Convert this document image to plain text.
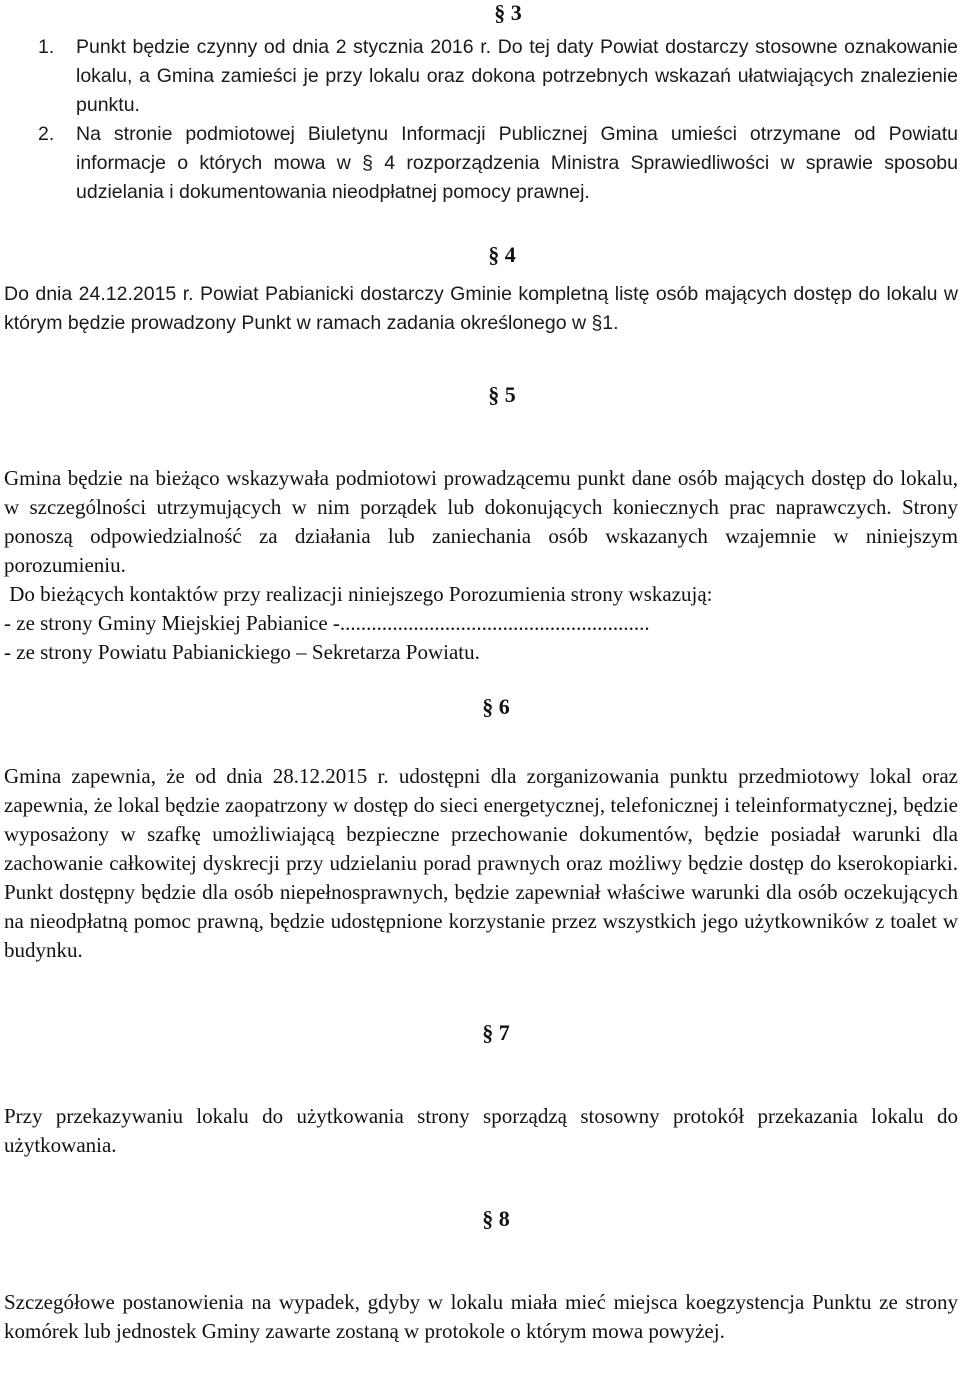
§ 3
1. Punkt będzie czynny od dnia 2 stycznia 2016 r. Do tej daty Powiat dostarczy stosowne oznakowanie lokalu, a Gmina zamieści je przy lokalu oraz dokona potrzebnych wskazań ułatwiających znalezienie punktu.
2. Na stronie podmiotowej Biuletynu Informacji Publicznej Gmina umieści otrzymane od Powiatu informacje o których mowa w § 4 rozporządzenia Ministra Sprawiedliwości w sprawie sposobu udzielania i dokumentowania nieodpłatnej pomocy prawnej.
§ 4
Do dnia 24.12.2015 r. Powiat Pabianicki dostarczy Gminie kompletną listę osób mających dostęp do lokalu w którym będzie prowadzony Punkt w ramach zadania określonego w §1.
§ 5

Gmina będzie na bieżąco wskazywała podmiotowi prowadzącemu punkt dane osób mających dostęp do lokalu, w szczególności utrzymujących w nim porządek lub dokonujących koniecznych prac naprawczych. Strony ponoszą odpowiedzialność za działania lub zaniechania osób wskazanych wzajemnie w niniejszym porozumieniu.

Do bieżących kontaktów przy realizacji niniejszego Porozumienia strony wskazują:
- ze strony Gminy Miejskiej Pabianice -...........................................................
- ze strony Powiatu Pabianickiego – Sekretarza Powiatu.
§ 6
Gmina zapewnia, że od dnia 28.12.2015 r. udostępni dla zorganizowania punktu przedmiotowy lokal oraz zapewnia, że lokal będzie zaopatrzony w dostęp do sieci energetycznej, telefonicznej i teleinformatycznej, będzie wyposażony w szafkę umożliwiającą bezpieczne przechowanie dokumentów, będzie posiadał warunki dla zachowanie całkowitej dyskrecji przy udzielaniu porad prawnych oraz możliwy będzie dostęp do kserokopiarki. Punkt dostępny będzie dla osób niepełnosprawnych, będzie zapewniał właściwe warunki dla osób oczekujących na nieodpłatną pomoc prawną, będzie udostępnione korzystanie przez wszystkich jego użytkowników z toalet w budynku.
§ 7
Przy przekazywaniu lokalu do użytkowania strony sporządzą stosowny protokół przekazania lokalu do użytkowania.
§ 8
Szczegółowe postanowienia na wypadek, gdyby w lokalu miała mieć miejsca koegzystencja Punktu ze strony komórek lub jednostek Gminy zawarte zostaną w protokole o którym mowa powyżej.
